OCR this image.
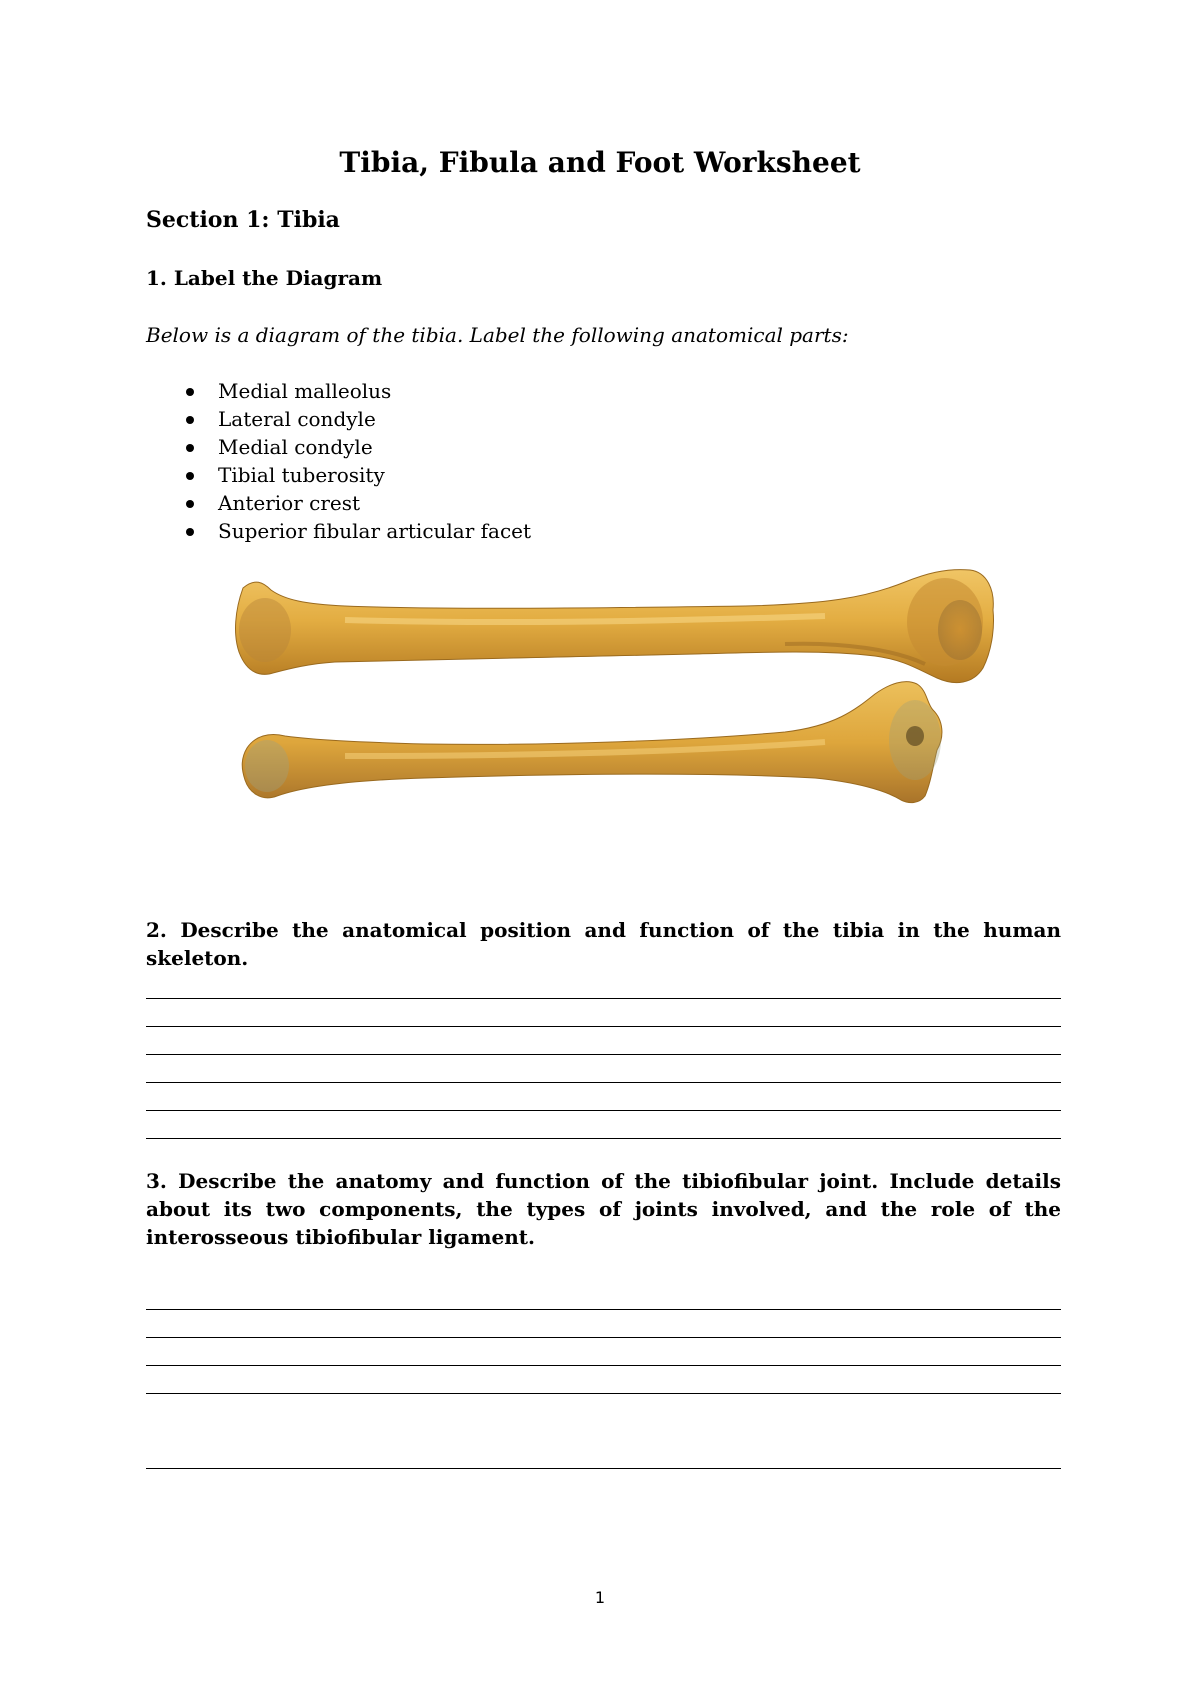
Tibia, Fibula and Foot Worksheet
Section 1: Tibia
1. Label the Diagram

Below is a diagram of the tibia. Label the following anatomical parts:

Medial malleolus
Lateral condyle
Medial condyle
Tibial tuberosity
Anterior crest
Superior fibular articular facet

2. Describe the anatomical position and function of the tibia in the human skeleton.

3. Describe the anatomy and function of the tibiofibular joint. Include details about its two components, the types of joints involved, and the role of the interosseous tibiofibular ligament.

1
